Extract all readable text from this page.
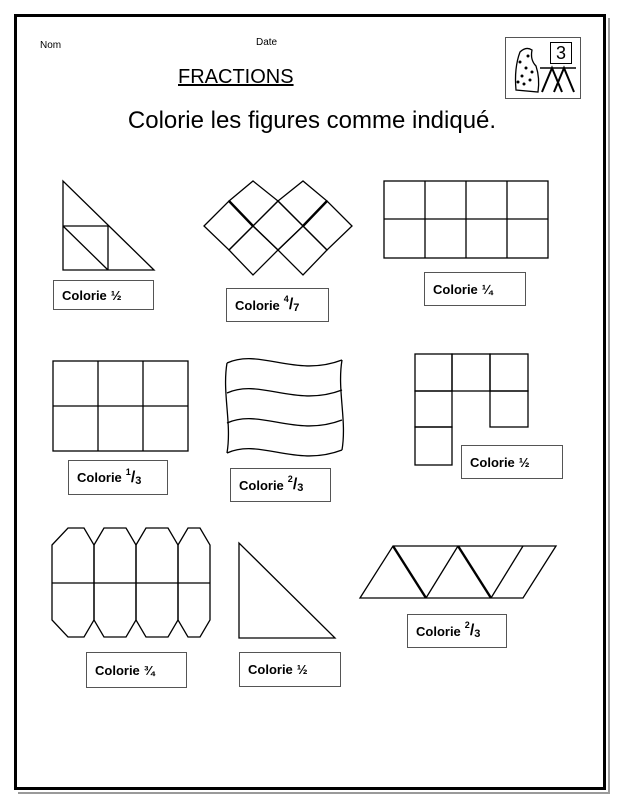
Nom	Date
3
FRACTIONS
Colorie les figures comme indiqué.
Colorie ½
Colorie 4 / 7
Colorie ¼
Colorie 1 / 3	Colorie 2 / 3
Colorie ½
Colorie ¾	Colorie ½
Colorie 2 / 3
